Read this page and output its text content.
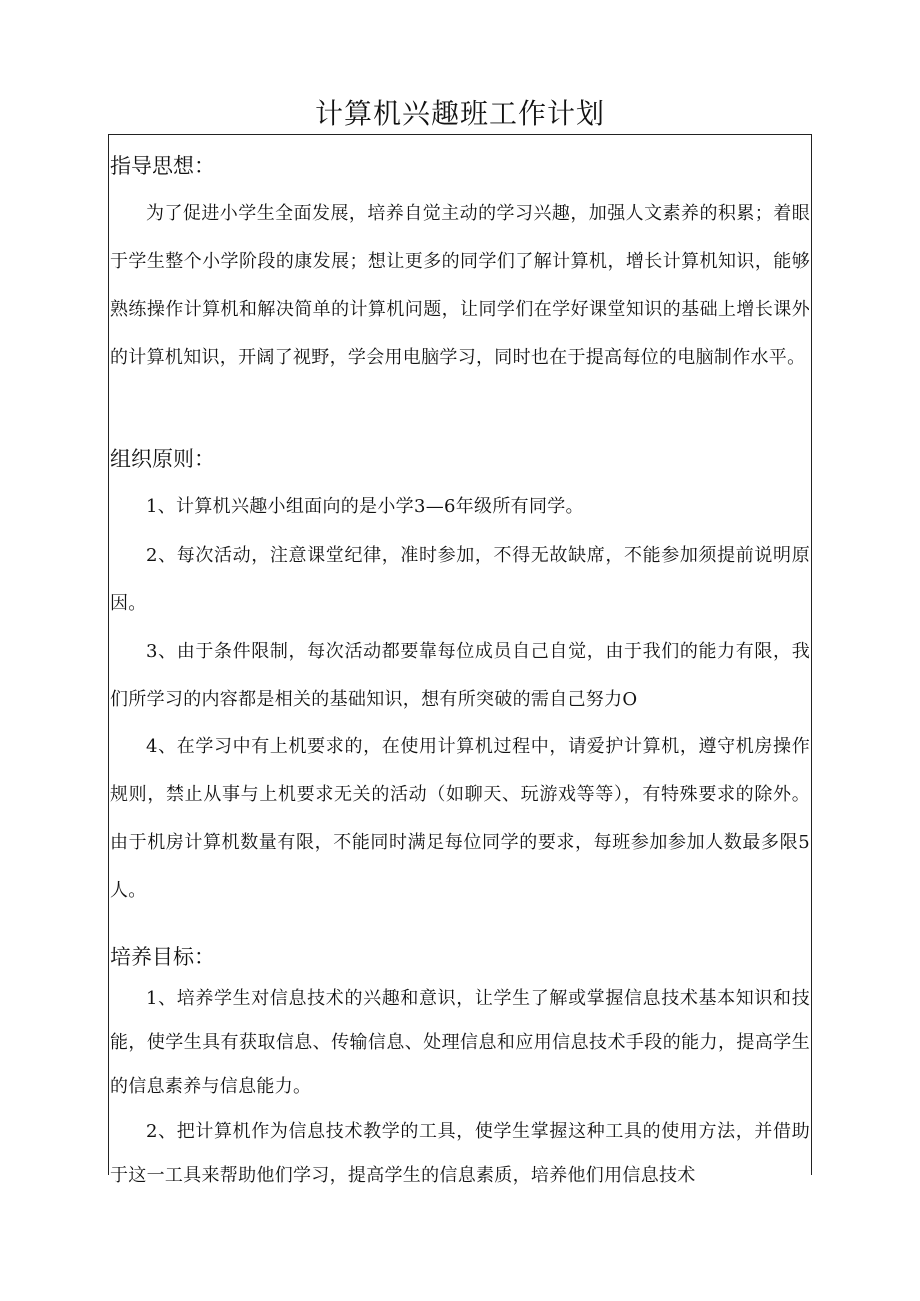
计算机兴趣班工作计划
指导思想：

为了促进小学生全面发展，培养自觉主动的学习兴趣，加强人文素养的积累；着眼于学生整个小学阶段的康发展；想让更多的同学们了解计算机，增长计算机知识，能够熟练操作计算机和解决简单的计算机问题，让同学们在学好课堂知识的基础上增长课外的计算机知识，开阔了视野，学会用电脑学习，同时也在于提高每位的电脑制作水平。

组织原则：

1、计算机兴趣小组面向的是小学3—6年级所有同学。

2、每次活动，注意课堂纪律，准时参加，不得无故缺席，不能参加须提前说明原因。

3、由于条件限制，每次活动都要靠每位成员自己自觉，由于我们的能力有限，我们所学习的内容都是相关的基础知识，想有所突破的需自己努力O

4、在学习中有上机要求的，在使用计算机过程中，请爱护计算机，遵守机房操作规则，禁止从事与上机要求无关的活动（如聊天、玩游戏等等），有特殊要求的除外。由于机房计算机数量有限，不能同时满足每位同学的要求，每班参加参加人数最多限5人。

培养目标：

1、培养学生对信息技术的兴趣和意识，让学生了解或掌握信息技术基本知识和技能，使学生具有获取信息、传输信息、处理信息和应用信息技术手段的能力，提高学生的信息素养与信息能力。

2、把计算机作为信息技术教学的工具，使学生掌握这种工具的使用方法，并借助于这一工具来帮助他们学习，提高学生的信息素质，培养他们用信息技术
